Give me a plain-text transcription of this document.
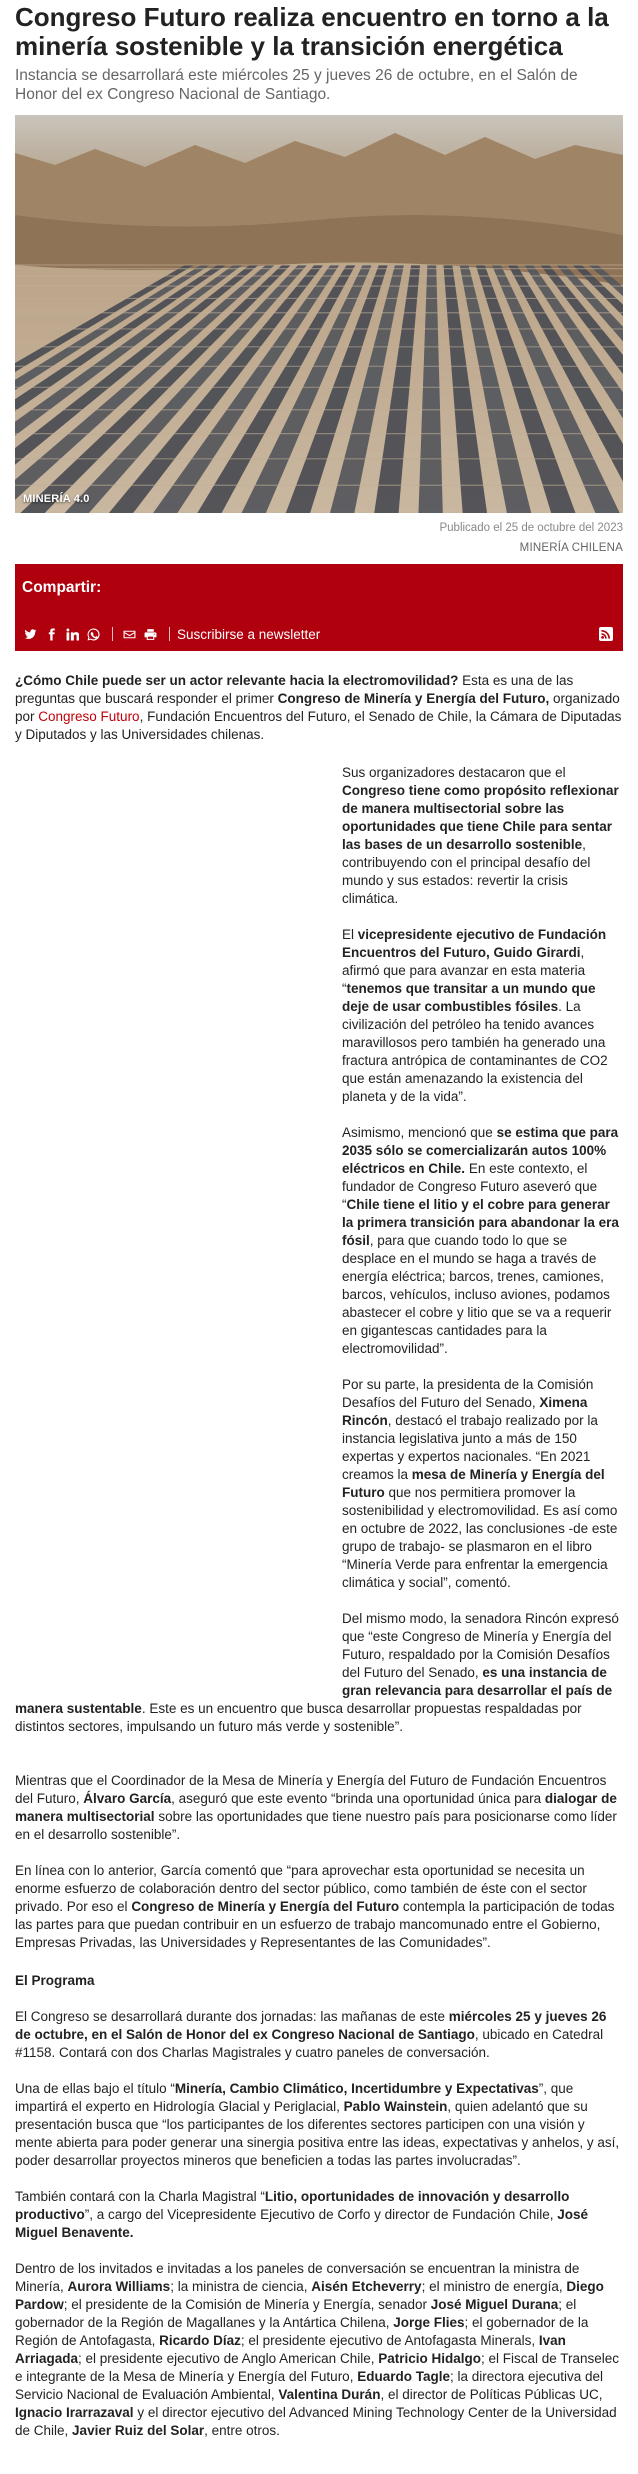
Congreso Futuro realiza encuentro en torno a la minería sostenible y la transición energética

Instancia se desarrollará este miércoles 25 y jueves 26 de octubre, en el Salón de Honor del ex Congreso Nacional de Santiago.

MINERÍA 4.0

Publicado el 25 de octubre del 2023

MINERÍA CHILENA

Compartir:
Suscribirse a newsletter

¿Cómo Chile puede ser un actor relevante hacia la electromovilidad? Esta es una de las preguntas que buscará responder el primer Congreso de Minería y Energía del Futuro, organizado por Congreso Futuro, Fundación Encuentros del Futuro, el Senado de Chile, la Cámara de Diputadas y Diputados y las Universidades chilenas.

Sus organizadores destacaron que el Congreso tiene como propósito reflexionar de manera multisectorial sobre las oportunidades que tiene Chile para sentar las bases de un desarrollo sostenible, contribuyendo con el principal desafío del mundo y sus estados: revertir la crisis climática.

El vicepresidente ejecutivo de Fundación Encuentros del Futuro, Guido Girardi, afirmó que para avanzar en esta materia “tenemos que transitar a un mundo que deje de usar combustibles fósiles. La civilización del petróleo ha tenido avances maravillosos pero también ha generado una fractura antrópica de contaminantes de CO2 que están amenazando la existencia del planeta y de la vida”.

Asimismo, mencionó que se estima que para 2035 sólo se comercializarán autos 100% eléctricos en Chile. En este contexto, el fundador de Congreso Futuro aseveró que “Chile tiene el litio y el cobre para generar la primera transición para abandonar la era fósil, para que cuando todo lo que se desplace en el mundo se haga a través de energía eléctrica; barcos, trenes, camiones, barcos, vehículos, incluso aviones, podamos abastecer el cobre y litio que se va a requerir en gigantescas cantidades para la electromovilidad”.

Por su parte, la presidenta de la Comisión Desafíos del Futuro del Senado, Ximena Rincón, destacó el trabajo realizado por la instancia legislativa junto a más de 150 expertas y expertos nacionales. “En 2021 creamos la mesa de Minería y Energía del Futuro que nos permitiera promover la sostenibilidad y electromovilidad. Es así como en octubre de 2022, las conclusiones -de este grupo de trabajo- se plasmaron en el libro “Minería Verde para enfrentar la emergencia climática y social”, comentó.

Del mismo modo, la senadora Rincón expresó que “este Congreso de Minería y Energía del Futuro, respaldado por la Comisión Desafíos del Futuro del Senado, es una instancia de gran relevancia para desarrollar el país de manera sustentable. Este es un encuentro que busca desarrollar propuestas respaldadas por distintos sectores, impulsando un futuro más verde y sostenible”.

Mientras que el Coordinador de la Mesa de Minería y Energía del Futuro de Fundación Encuentros del Futuro, Álvaro García, aseguró que este evento “brinda una oportunidad única para dialogar de manera multisectorial sobre las oportunidades que tiene nuestro país para posicionarse como líder en el desarrollo sostenible”.

En línea con lo anterior, García comentó que “para aprovechar esta oportunidad se necesita un enorme esfuerzo de colaboración dentro del sector público, como también de éste con el sector privado. Por eso el Congreso de Minería y Energía del Futuro contempla la participación de todas las partes para que puedan contribuir en un esfuerzo de trabajo mancomunado entre el Gobierno, Empresas Privadas, las Universidades y Representantes de las Comunidades”.

El Programa

El Congreso se desarrollará durante dos jornadas: las mañanas de este miércoles 25 y jueves 26 de octubre, en el Salón de Honor del ex Congreso Nacional de Santiago, ubicado en Catedral #1158. Contará con dos Charlas Magistrales y cuatro paneles de conversación.

Una de ellas bajo el título “Minería, Cambio Climático, Incertidumbre y Expectativas”, que impartirá el experto en Hidrología Glacial y Periglacial, Pablo Wainstein, quien adelantó que su presentación busca que “los participantes de los diferentes sectores participen con una visión y mente abierta para poder generar una sinergia positiva entre las ideas, expectativas y anhelos, y así, poder desarrollar proyectos mineros que beneficien a todas las partes involucradas”.

También contará con la Charla Magistral “Litio, oportunidades de innovación y desarrollo productivo”, a cargo del Vicepresidente Ejecutivo de Corfo y director de Fundación Chile, José Miguel Benavente.

Dentro de los invitados e invitadas a los paneles de conversación se encuentran la ministra de Minería, Aurora Williams; la ministra de ciencia, Aisén Etcheverry; el ministro de energía, Diego Pardow; el presidente de la Comisión de Minería y Energía, senador José Miguel Durana; el gobernador de la Región de Magallanes y la Antártica Chilena, Jorge Flies; el gobernador de la Región de Antofagasta, Ricardo Díaz; el presidente ejecutivo de Antofagasta Minerals, Ivan Arriagada; el presidente ejecutivo de Anglo American Chile, Patricio Hidalgo; el Fiscal de Transelec e integrante de la Mesa de Minería y Energía del Futuro, Eduardo Tagle; la directora ejecutiva del Servicio Nacional de Evaluación Ambiental, Valentina Durán, el director de Políticas Públicas UC, Ignacio Irarrazaval y el director ejecutivo del Advanced Mining Technology Center de la Universidad de Chile, Javier Ruiz del Solar, entre otros.
